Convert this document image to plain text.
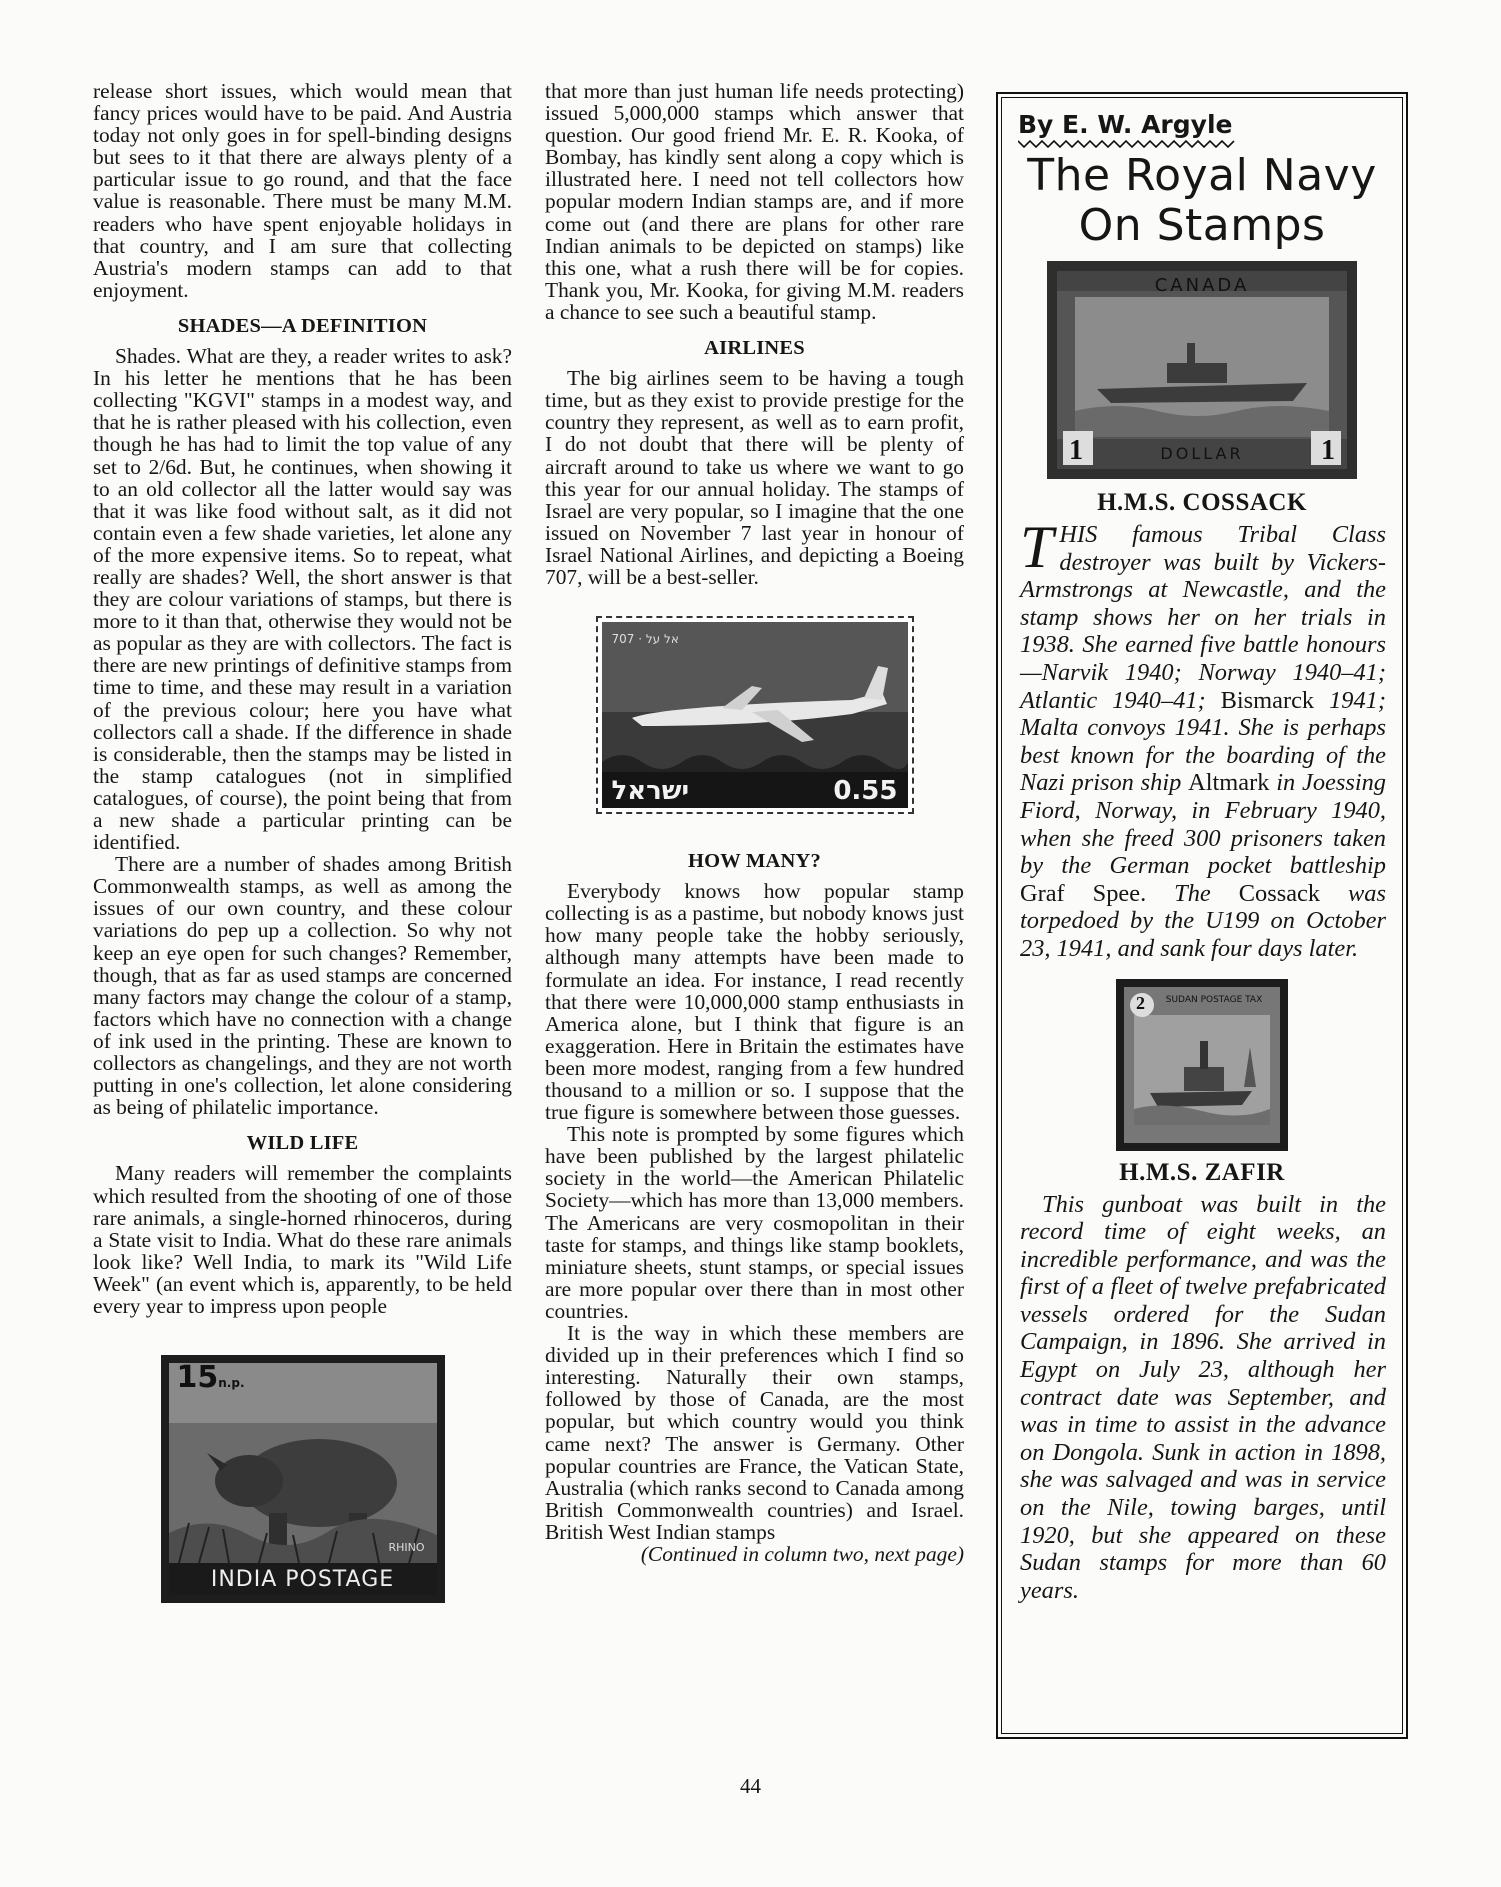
release short issues, which would mean that fancy prices would have to be paid. And Austria today not only goes in for spell-binding designs but sees to it that there are always plenty of a particular issue to go round, and that the face value is reasonable. There must be many M.M. readers who have spent enjoyable holidays in that country, and I am sure that collecting Austria's modern stamps can add to that enjoyment.

SHADES—A DEFINITION

Shades. What are they, a reader writes to ask? In his letter he mentions that he has been collecting "KGVI" stamps in a modest way, and that he is rather pleased with his collection, even though he has had to limit the top value of any set to 2/6d. But, he continues, when showing it to an old collector all the latter would say was that it was like food without salt, as it did not contain even a few shade varieties, let alone any of the more expensive items. So to repeat, what really are shades? Well, the short answer is that they are colour variations of stamps, but there is more to it than that, otherwise they would not be as popular as they are with collectors. The fact is there are new printings of definitive stamps from time to time, and these may result in a variation of the previous colour; here you have what collectors call a shade. If the difference in shade is considerable, then the stamps may be listed in the stamp catalogues (not in simplified catalogues, of course), the point being that from a new shade a particular printing can be identified.

There are a number of shades among British Commonwealth stamps, as well as among the issues of our own country, and these colour variations do pep up a collection. So why not keep an eye open for such changes? Remember, though, that as far as used stamps are concerned many factors may change the colour of a stamp, factors which have no connection with a change of ink used in the printing. These are known to collectors as changelings, and they are not worth putting in one's collection, let alone considering as being of philatelic importance.

WILD LIFE

Many readers will remember the complaints which resulted from the shooting of one of those rare animals, a single-horned rhinoceros, during a State visit to India. What do these rare animals look like? Well India, to mark its "Wild Life Week" (an event which is, apparently, to be held every year to impress upon people

15n.p.
RHINO
INDIA POSTAGE

that more than just human life needs protecting) issued 5,000,000 stamps which answer that question. Our good friend Mr. E. R. Kooka, of Bombay, has kindly sent along a copy which is illustrated here. I need not tell collectors how popular modern Indian stamps are, and if more come out (and there are plans for other rare Indian animals to be depicted on stamps) like this one, what a rush there will be for copies. Thank you, Mr. Kooka, for giving M.M. readers a chance to see such a beautiful stamp.

AIRLINES

The big airlines seem to be having a tough time, but as they exist to provide prestige for the country they represent, as well as to earn profit, I do not doubt that there will be plenty of aircraft around to take us where we want to go this year for our annual holiday. The stamps of Israel are very popular, so I imagine that the one issued on November 7 last year in honour of Israel National Airlines, and depicting a Boeing 707, will be a best-seller.

אל על · 707
ישראל	0.55
HOW MANY?

Everybody knows how popular stamp collecting is as a pastime, but nobody knows just how many people take the hobby seriously, although many attempts have been made to formulate an idea. For instance, I read recently that there were 10,000,000 stamp enthusiasts in America alone, but I think that figure is an exaggeration. Here in Britain the estimates have been more modest, ranging from a few hundred thousand to a million or so. I suppose that the true figure is somewhere between those guesses.

This note is prompted by some figures which have been published by the largest philatelic society in the world—the American Philatelic Society—which has more than 13,000 members. The Americans are very cosmopolitan in their taste for stamps, and things like stamp booklets, miniature sheets, stunt stamps, or special issues are more popular over there than in most other countries.

It is the way in which these members are divided up in their preferences which I find so interesting. Naturally their own stamps, followed by those of Canada, are the most popular, but which country would you think came next? The answer is Germany. Other popular countries are France, the Vatican State, Australia (which ranks second to Canada among British Commonwealth countries) and Israel. British West Indian stamps

(Continued in column two, next page)

By E. W. Argyle
The Royal Navy
On Stamps
CANADA
1	DOLLAR	1
H.M.S. COSSACK

THIS famous Tribal Class destroyer was built by Vickers-Armstrongs at Newcastle, and the stamp shows her on her trials in 1938. She earned five battle honours—Narvik 1940; Norway 1940–41; Atlantic 1940–41; Bismarck 1941; Malta convoys 1941. She is perhaps best known for the boarding of the Nazi prison ship Altmark in Joessing Fiord, Norway, in February 1940, when she freed 300 prisoners taken by the German pocket battleship Graf Spee. The Cossack was torpedoed by the U199 on October 23, 1941, and sank four days later.

2	SUDAN POSTAGE TAX
H.M.S. ZAFIR

This gunboat was built in the record time of eight weeks, an incredible performance, and was the first of a fleet of twelve prefabricated vessels ordered for the Sudan Campaign, in 1896. She arrived in Egypt on July 23, although her contract date was September, and was in time to assist in the advance on Dongola. Sunk in action in 1898, she was salvaged and was in service on the Nile, towing barges, until 1920, but she appeared on these Sudan stamps for more than 60 years.

44
